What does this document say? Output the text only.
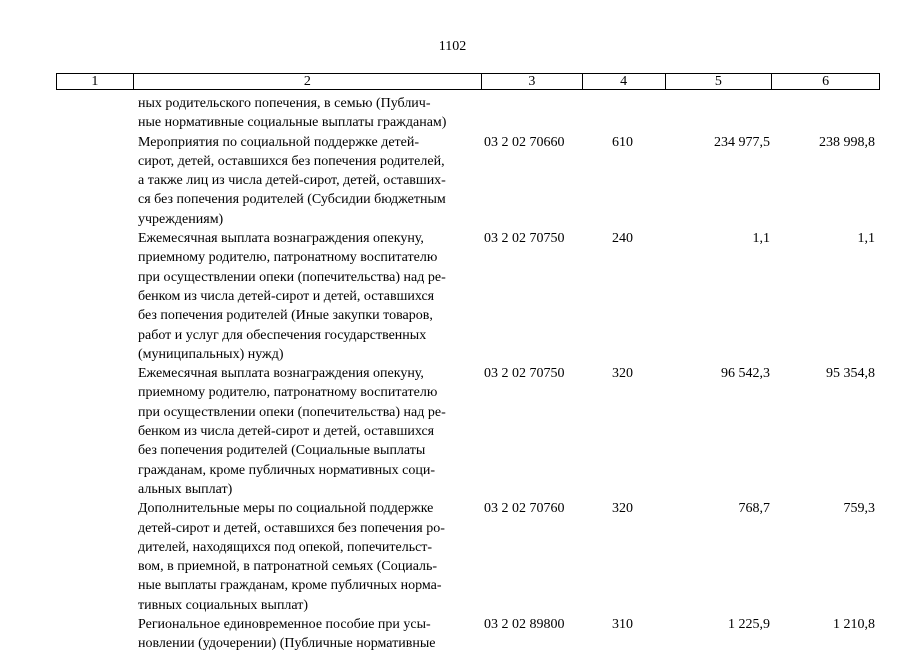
1102
1	2	3	4	5	6
ных родительского попечения, в семью (Публич-
ные нормативные социальные выплаты гражданам)
Мероприятия по социальной поддержке детей-
сирот, детей, оставшихся без попечения родителей,
а также лиц из числа детей-сирот, детей, оставших-
ся без попечения родителей (Субсидии бюджетным
учреждениям)
03 2 02 70660	610	234 977,5	238 998,8
Ежемесячная выплата вознаграждения опекуну,
приемному родителю, патронатному воспитателю
при осуществлении опеки (попечительства) над ре-
бенком из числа детей-сирот и детей, оставшихся
без попечения родителей (Иные закупки товаров,
работ и услуг для обеспечения государственных
(муниципальных) нужд)
03 2 02 70750	240	1,1	1,1
Ежемесячная выплата вознаграждения опекуну,
приемному родителю, патронатному воспитателю
при осуществлении опеки (попечительства) над ре-
бенком из числа детей-сирот и детей, оставшихся
без попечения родителей (Социальные выплаты
гражданам, кроме публичных нормативных соци-
альных выплат)
03 2 02 70750	320	96 542,3	95 354,8
Дополнительные меры по социальной поддержке
детей-сирот и детей, оставшихся без попечения ро-
дителей, находящихся под опекой, попечительст-
вом, в приемной, в патронатной семьях (Социаль-
ные выплаты гражданам, кроме публичных норма-
тивных социальных выплат)
03 2 02 70760	320	768,7	759,3
Региональное единовременное пособие при усы-
новлении (удочерении) (Публичные нормативные
03 2 02 89800	310	1 225,9	1 210,8
